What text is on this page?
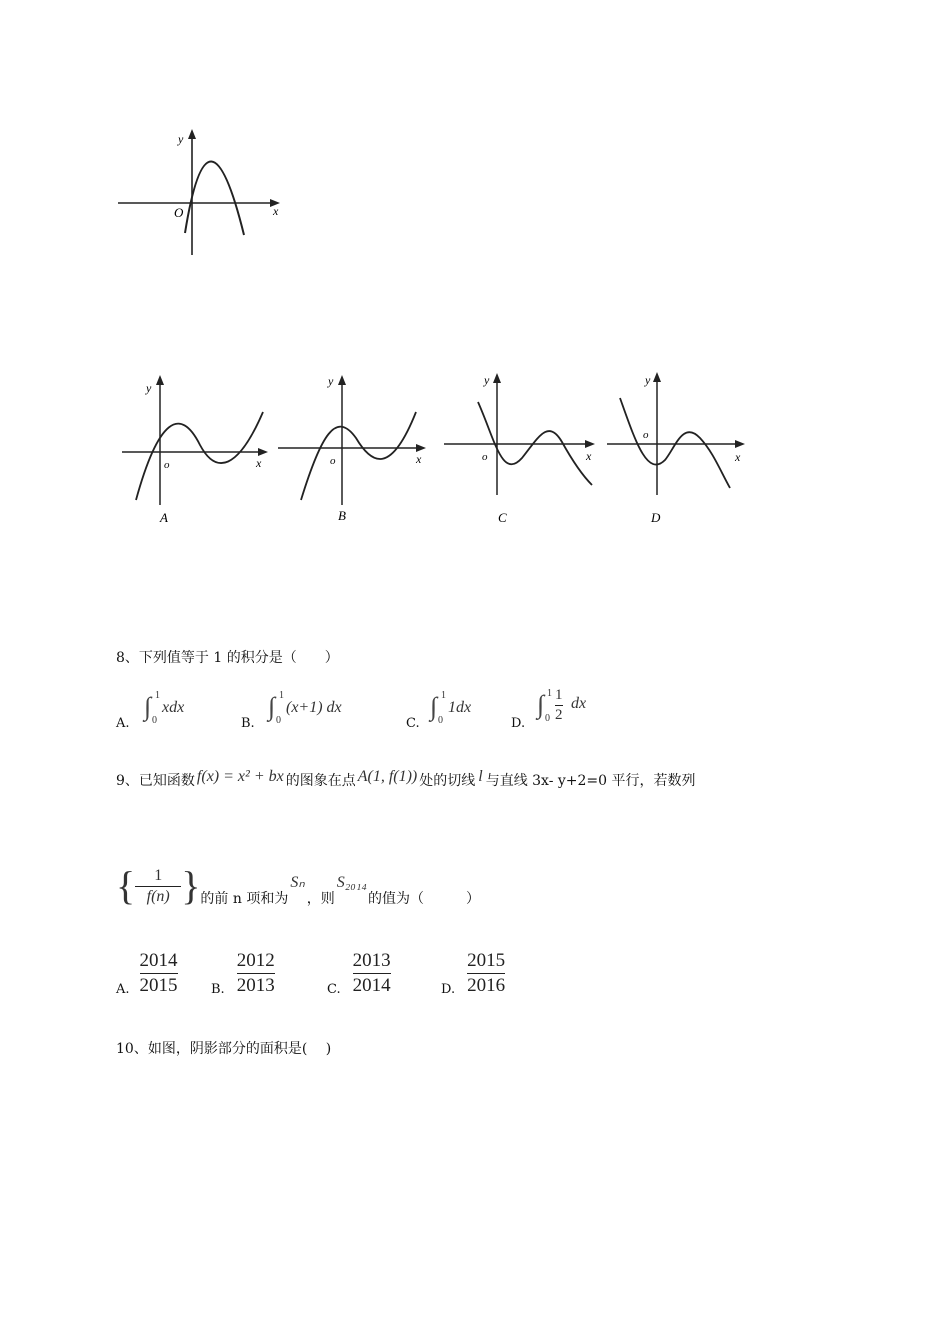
y
x
O
y
x
o
A
y
x
o
B
y
x
o
C
y
x
o
D
8、下列值等于 1 的积分是（　　）
A.
∫ 1
0
xdx
B.
∫ 1
0
(x+1) dx
C.
∫ 1
0
1dx
D.
∫ 1
$0 \frac{1}{2}$ dx
9、已知函数 f(x) = x² + bx 的图象在点 A(1, f(1)) 处的切线 l 与直线 3x- y+2=0 平行，若数列
{ $\frac{1}{f(n)}$ } 的前 n 项和为
Sₙ
，则
S₂₀₁₄
的值为（　　　）
A. $\frac{2014}{2015}$	B. $\frac{2012}{2013}$	C. $\frac{2013}{2014}$	D. $\frac{2015}{2016}$
10、如图，阴影部分的面积是(　 )
